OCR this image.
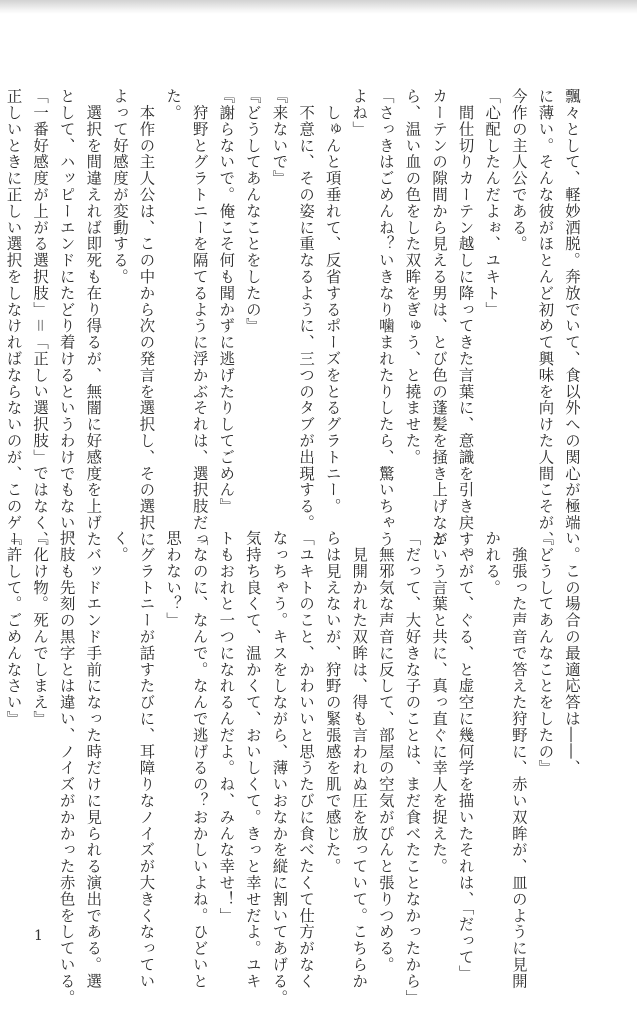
飄々として、軽妙洒脱。奔放でいて、食以外への関心が極端
に薄い。そんな彼がほとんど初めて興味を向けた人間こそが、
今作の主人公である。
「心配したんだよぉ、ユキト」
　間仕切りカーテン越しに降ってきた言葉に、意識を引き戻す。
カーテンの隙間から見える男は、とび色の蓬髪を掻き上げなが
ら、温い血の色をした双眸をぎゅう、と撓ませた。
「さっきはごめんね？いきなり噛まれたりしたら、驚いちゃう
よね」
　しゅんと項垂れて、反省するポーズをとるグラトニー。
　不意に、その姿に重なるように、三つのタブが出現する。
『来ないで』
『どうしてあんなことをしたの』
『謝らないで。俺こそ何も聞かずに逃げたりしてごめん』
　狩野とグラトニーを隔てるように浮かぶそれは、選択肢だっ
た。
　本作の主人公は、この中から次の発言を選択し、その選択に
よって好感度が変動する。
　選択を間違えれば即死も在り得るが、無闇に好感度を上げた
として、ハッピーエンドにたどり着けるというわけでもない。
「一番好感度が上がる選択肢」＝「正しい選択肢」ではなく、
正しいときに正しい選択をしなければならないのが、このゲー
い。この場合の最適応答は――、
『どうしてあんなことをしたの』
　強張った声音で答えた狩野に、赤い双眸が、皿のように見開
かれる。
　やがて、ぐる、と虚空に幾何学を描いたそれは、「だって」
という言葉と共に、真っ直ぐに幸人を捉えた。
「だって、大好きな子のことは、まだ食べたことなかったから」
　無邪気な声音に反して、部屋の空気がぴんと張りつめる。
　見開かれた双眸は、得も言われぬ圧を放っていて。こちらか
らは見えないが、狩野の緊張感を肌で感じた。
「ユキトのこと、かわいいと思うたびに食べたくて仕方がなく
なっちゃう。キスをしながら、薄いおなかを縦に割いてあげる。
気持ち良くて、温かくて、おいしくて。きっと幸せだよ。ユキ
トもおれと一つになれるんだよ。ね、みんな幸せ！」
「なのに、なんで。なんで逃げるの？おかしいよね。ひどいと
思わない？」
　グラトニーが話すたびに、耳障りなノイズが大きくなってい
く。
　バッドエンド手前になった時だけに見られる演出である。選
択肢も先刻の黒字とは違い、ノイズがかかった赤色をしている。
『化け物。死んでしまえ』
『許して。ごめんなさい』
1
